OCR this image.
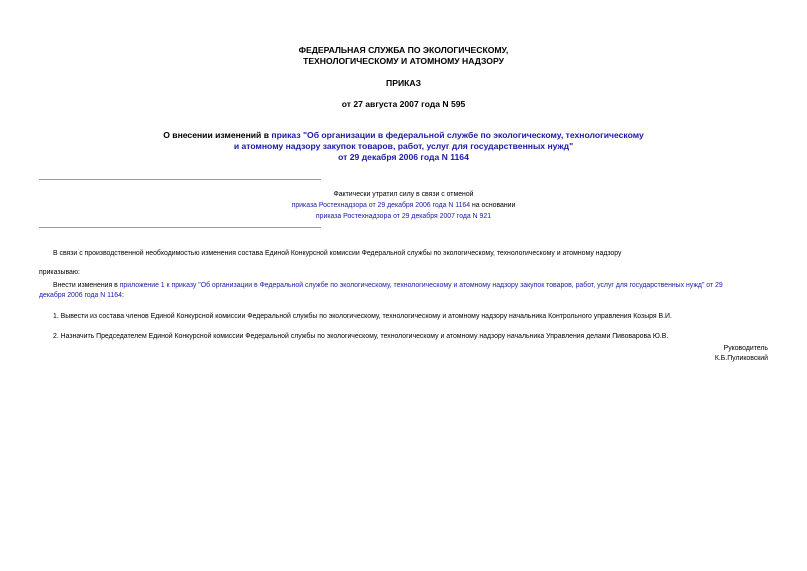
ФЕДЕРАЛЬНАЯ СЛУЖБА ПО ЭКОЛОГИЧЕСКОМУ,
ТЕХНОЛОГИЧЕСКОМУ И АТОМНОМУ НАДЗОРУ
ПРИКАЗ
от 27 августа 2007 года N 595
О внесении изменений в приказ "Об организации в федеральной службе по экологическому, технологическому
и атомному надзору закупок товаров, работ, услуг для государственных нужд"
от 29 декабря 2006 года N 1164
Фактически утратил силу в связи с отменой
приказа Ростехнадзора от 29 декабря 2006 года N 1164 на основании
приказа Ростехнадзора от 29 декабря 2007 года N 921
В связи с производственной необходимостью изменения состава Единой Конкурсной комиссии Федеральной службы по экологическому, технологическому и атомному надзору
приказываю:
Внести изменения в приложение 1 к приказу "Об организации в Федеральной службе по экологическому, технологическому и атомному надзору закупок товаров, работ, услуг для государственных нужд" от 29
декабря 2006 года N 1164:
1. Вывести из состава членов Единой Конкурсной комиссии Федеральной службы по экологическому, технологическому и атомному надзору начальника Контрольного управления Козыря В.И.
2. Назначить Председателем Единой Конкурсной комиссии Федеральной службы по экологическому, технологическому и атомному надзору начальника Управления делами Пивоварова Ю.В.
Руководитель
К.Б.Пуликовский
